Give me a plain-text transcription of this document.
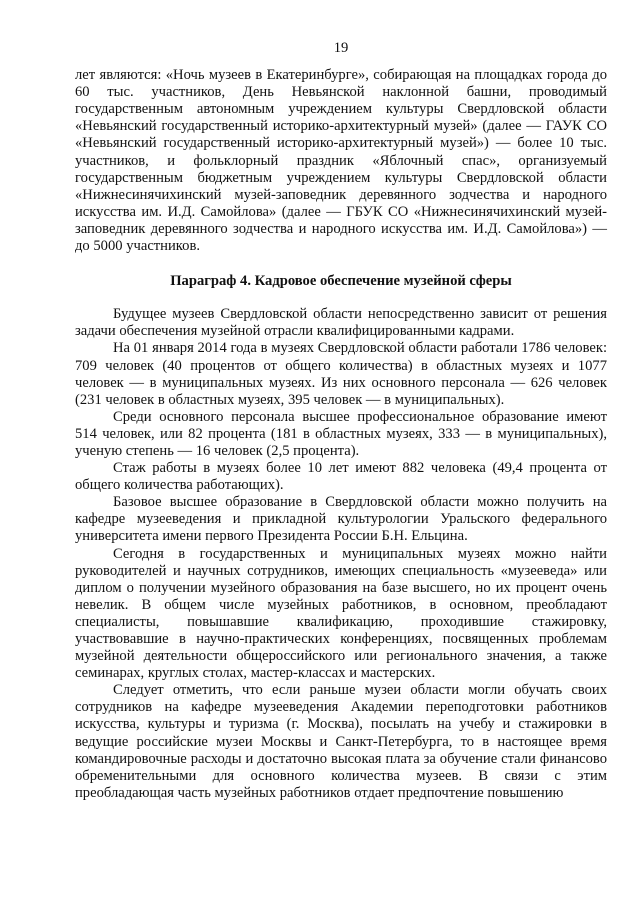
19

лет являются: «Ночь музеев в Екатеринбурге», собирающая на площадках города до 60 тыс. участников, День Невьянской наклонной башни, проводимый государственным автономным учреждением культуры Свердловской области «Невьянский государственный историко-архитектурный музей» (далее — ГАУК СО «Невьянский государственный историко-архитектурный музей») — более 10 тыс. участников, и фольклорный праздник «Яблочный спас», организуемый государственным бюджетным учреждением культуры Свердловской области «Нижнесинячихинский музей-заповедник деревянного зодчества и народного искусства им. И.Д. Самойлова» (далее — ГБУК СО «Нижнесинячихинский музей-заповедник деревянного зодчества и народного искусства им. И.Д. Самойлова») — до 5000 участников.

Параграф 4. Кадровое обеспечение музейной сферы

Будущее музеев Свердловской области непосредственно зависит от решения задачи обеспечения музейной отрасли квалифицированными кадрами.

На 01 января 2014 года в музеях Свердловской области работали 1786 человек: 709 человек (40 процентов от общего количества) в областных музеях и 1077 человек — в муниципальных музеях. Из них основного персонала — 626 человек (231 человек в областных музеях, 395 человек — в муниципальных).

Среди основного персонала высшее профессиональное образование имеют 514 человек, или 82 процента (181 в областных музеях, 333 — в муниципальных), ученую степень — 16 человек (2,5 процента).

Стаж работы в музеях более 10 лет имеют 882 человека (49,4 процента от общего количества работающих).

Базовое высшее образование в Свердловской области можно получить на кафедре музееведения и прикладной культурологии Уральского федерального университета имени первого Президента России Б.Н. Ельцина.

Сегодня в государственных и муниципальных музеях можно найти руководителей и научных сотрудников, имеющих специальность «музееведа» или диплом о получении музейного образования на базе высшего, но их процент очень невелик. В общем числе музейных работников, в основном, преобладают специалисты, повышавшие квалификацию, проходившие стажировку, участвовавшие в научно-практических конференциях, посвященных проблемам музейной деятельности общероссийского или регионального значения, а также семинарах, круглых столах, мастер-классах и мастерских.

Следует отметить, что если раньше музеи области могли обучать своих сотрудников на кафедре музееведения Академии переподготовки работников искусства, культуры и туризма (г. Москва), посылать на учебу и стажировки в ведущие российские музеи Москвы и Санкт-Петербурга, то в настоящее время командировочные расходы и достаточно высокая плата за обучение стали финансово обременительными для основного количества музеев. В связи с этим преобладающая часть музейных работников отдает предпочтение повышению
